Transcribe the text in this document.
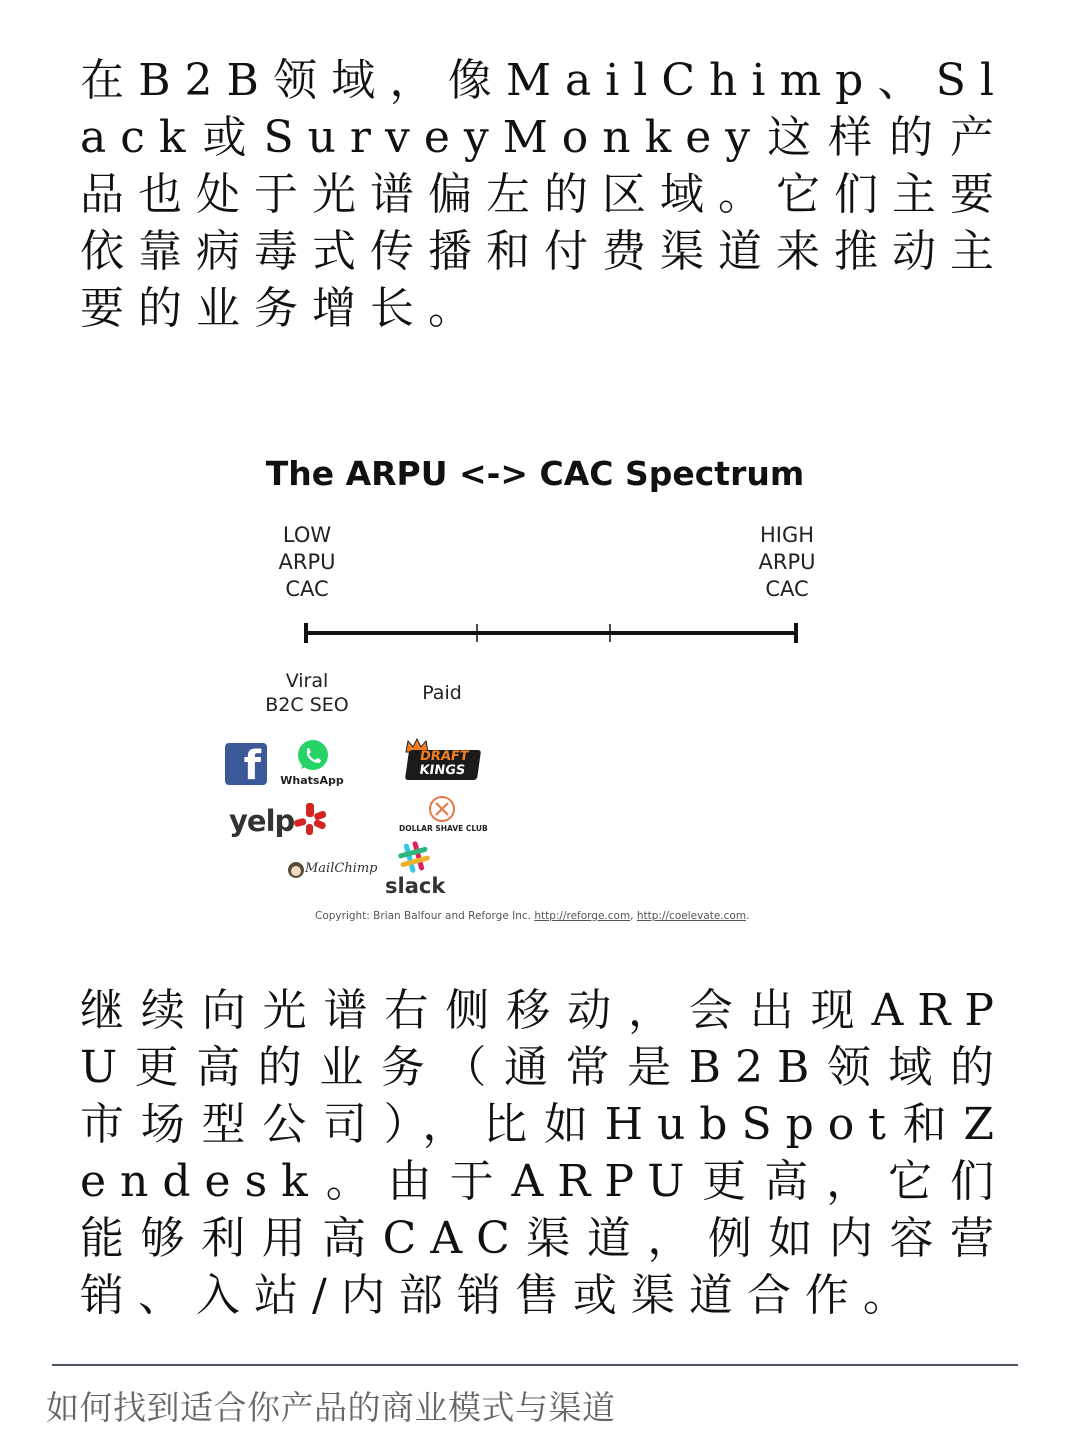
在B2B领域，像MailChimp、Slack或SurveyMonkey这样的产品也处于光谱偏左的区域。它们主要依靠病毒式传播和付费渠道来推动主要的业务增长。

The ARPU <-> CAC Spectrum
LOW
ARPU
CAC
HIGH
ARPU
CAC
Viral
B2C SEO
Paid
f WhatsApp
yelp
MailChimp
DRAFT
KINGS
DOLLAR SHAVE CLUB
slack
Copyright: Brian Balfour and Reforge Inc. http://reforge.com, http://coelevate.com.

继续向光谱右侧移动，会出现ARPU更高的业务（通常是B2B领域的市场型公司），比如HubSpot和Zendesk。由于ARPU更高，它们能够利用高CAC渠道，例如内容营销、入站/内部销售或渠道合作。

如何找到适合你产品的商业模式与渠道
